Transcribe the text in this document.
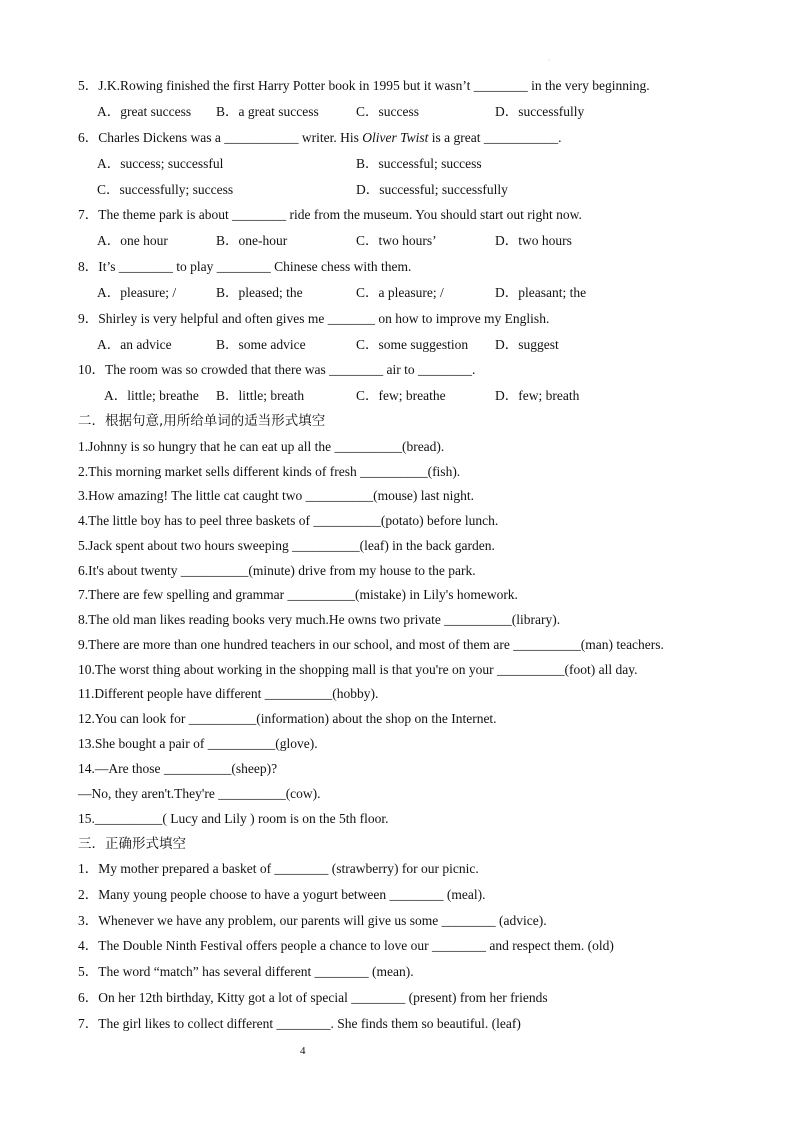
·
5．J.K.Rowing finished the first Harry Potter book in 1995 but it wasn’t ________ in the very beginning.
A．great success B．a great success	C．success	D．successfully
6．Charles Dickens was a ___________ writer. His Oliver Twist is a great ___________.
A．success; successful	B．successful; success
C．successfully; success	D．successful; successfully
7．The theme park is about ________ ride from the museum. You should start out right now.
A．one hour	B．one-hour	C．two hours’	D．two hours
8．It’s ________ to play ________ Chinese chess with them.
A．pleasure; /	B．pleased; the	C．a pleasure; /	D．pleasant; the
9．Shirley is very helpful and often gives me _______ on how to improve my English.
A．an advice	B．some advice	C．some suggestion D．suggest
10．The room was so crowded that there was ________ air to ________.
A．little; breathe B．little; breath	C．few; breathe	D．few; breath
二．根据句意,用所给单词的适当形式填空
1.Johnny is so hungry that he can eat up all the __________(bread).
2.This morning market sells different kinds of fresh __________(fish).
3.How amazing! The little cat caught two __________(mouse) last night.
4.The little boy has to peel three baskets of __________(potato) before lunch.
5.Jack spent about two hours sweeping __________(leaf) in the back garden.
6.It's about twenty __________(minute) drive from my house to the park.
7.There are few spelling and grammar __________(mistake) in Lily's homework.
8.The old man likes reading books very much.He owns two private __________(library).
9.There are more than one hundred teachers in our school, and most of them are __________(man) teachers.
10.The worst thing about working in the shopping mall is that you're on your __________(foot) all day.
11.Different people have different __________(hobby).
12.You can look for __________(information) about the shop on the Internet.
13.She bought a pair of __________(glove).
14.—Are those __________(sheep)?
—No, they aren't.They're __________(cow).
15.__________( Lucy and Lily ) room is on the 5th floor.
三．正确形式填空
1．My mother prepared a basket of ________ (strawberry) for our picnic.
2．Many young people choose to have a yogurt between ________ (meal).
3．Whenever we have any problem, our parents will give us some ________ (advice).
4．The Double Ninth Festival offers people a chance to love our ________ and respect them. (old)
5．The word “match” has several different ________ (mean).
6．On her 12th birthday, Kitty got a lot of special ________ (present) from her friends
7．The girl likes to collect different ________. She finds them so beautiful. (leaf)
4
